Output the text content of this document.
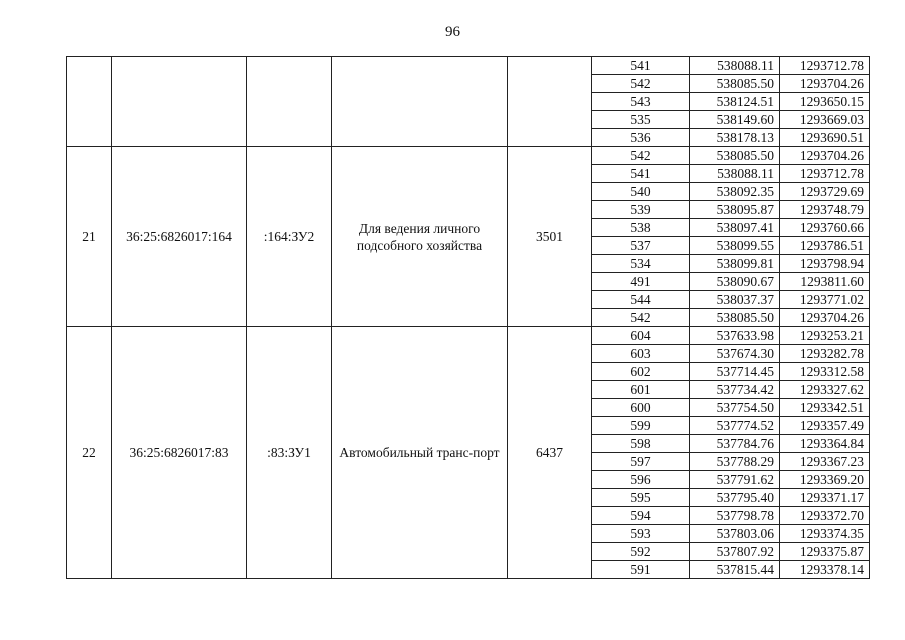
96
					541	538088.11	1293712.78
					542	538085.50	1293704.26
					543	538124.51	1293650.15
					535	538149.60	1293669.03
					536	538178.13	1293690.51
21	36:25:6826017:164	:164:ЗУ2	Для ведения личного подсобного хозяйства	3501	542	538085.50	1293704.26
					541	538088.11	1293712.78
					540	538092.35	1293729.69
					539	538095.87	1293748.79
					538	538097.41	1293760.66
					537	538099.55	1293786.51
					534	538099.81	1293798.94
					491	538090.67	1293811.60
					544	538037.37	1293771.02
					542	538085.50	1293704.26
22	36:25:6826017:83	:83:ЗУ1	Автомобильный транс-порт	6437	604	537633.98	1293253.21
					603	537674.30	1293282.78
					602	537714.45	1293312.58
					601	537734.42	1293327.62
					600	537754.50	1293342.51
					599	537774.52	1293357.49
					598	537784.76	1293364.84
					597	537788.29	1293367.23
					596	537791.62	1293369.20
					595	537795.40	1293371.17
					594	537798.78	1293372.70
					593	537803.06	1293374.35
					592	537807.92	1293375.87
					591	537815.44	1293378.14
